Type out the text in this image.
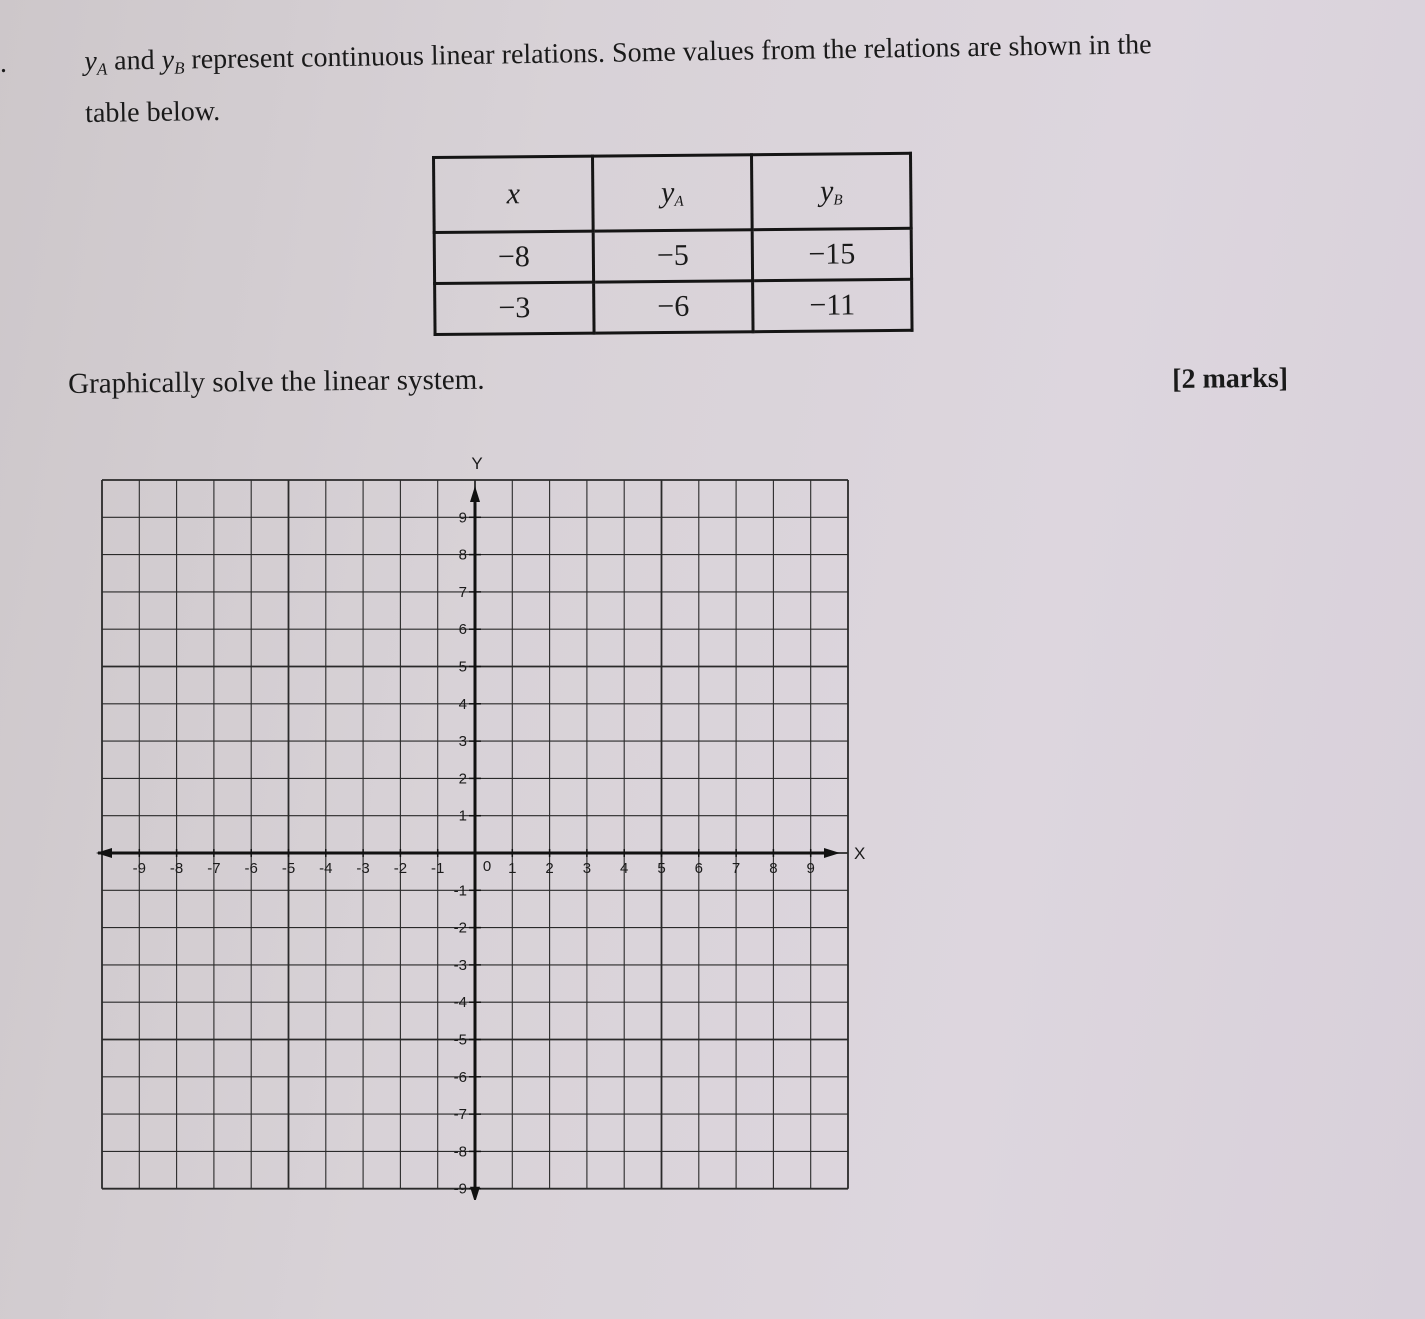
.	$y_A$ and $y_B$ represent continuous linear relations. Some values from the relations are shown in the
table below.
x	$y_A$	$y_B$
−8	−5	−15
−3	−6	−11
Graphically solve the linear system.	[2 marks]
-9 -8 -7 -6 -5 -4 -3 -2 -1	1 2 3 4 5 6 7 8 9
9
8
7
6
5
4
3
2
1
-1
-2
-3
-4
-5
-6
-7
-8
-9
X
Y
0
